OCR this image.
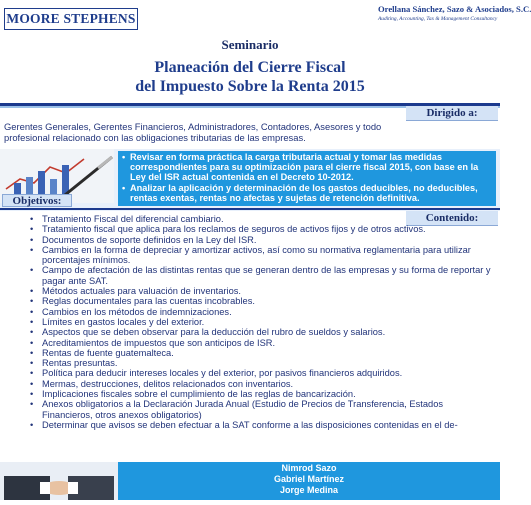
MOORE STEPHENS
Orellana Sánchez, Sazo & Asociados, S.C.
Auditing, Accounting, Tax & Management Consultancy
Seminario
Planeación del Cierre Fiscal
del Impuesto Sobre la Renta 2015
Dirigido a:
Gerentes Generales, Gerentes Financieros, Administradores, Contadores, Asesores y todo profesional relacionado con las obligaciones tributarias de las empresas.
• Revisar en forma práctica la carga tributaria actual y tomar las medidas correspondientes para su optimización para el cierre fiscal 2015, con base en la Ley del ISR actual contenida en el Decreto 10-2012.
• Analizar la aplicación y determinación de los gastos deducibles, no deducibles, rentas exentas, rentas no afectas y sujetas de retención definitiva.
Objetivos:
Contenido:
• Tratamiento Fiscal del diferencial cambiario.
• Tratamiento fiscal que aplica para los reclamos de seguros de activos fijos y de otros activos.
• Documentos de soporte definidos en la Ley del ISR.
• Cambios en la forma de depreciar y amortizar activos, así como su normativa reglamentaria para utilizar porcentajes mínimos.
• Campo de afectación de las distintas rentas que se generan dentro de las empresas y su forma de reportar y pagar ante SAT.
• Métodos actuales para valuación de inventarios.
• Reglas documentales para las cuentas incobrables.
• Cambios en los métodos de indemnizaciones.
• Límites en gastos locales y del exterior.
• Aspectos que se deben observar para la deducción del rubro de sueldos y salarios.
• Acreditamientos de impuestos que son anticipos de ISR.
• Rentas de fuente guatemalteca.
• Rentas presuntas.
• Política para deducir intereses locales y del exterior, por pasivos financieros adquiridos.
• Mermas, destrucciones, delitos relacionados con inventarios.
• Implicaciones fiscales sobre el cumplimiento de las reglas de bancarización.
• Anexos obligatorios a la Declaración Jurada Anual (Estudio de Precios de Transferencia, Estados Financieros, otros anexos obligatorios)
• Determinar que avisos se deben efectuar a la SAT conforme a las disposiciones contenidas en el de-
Nimrod Sazo
Gabriel Martínez
Jorge Medina
